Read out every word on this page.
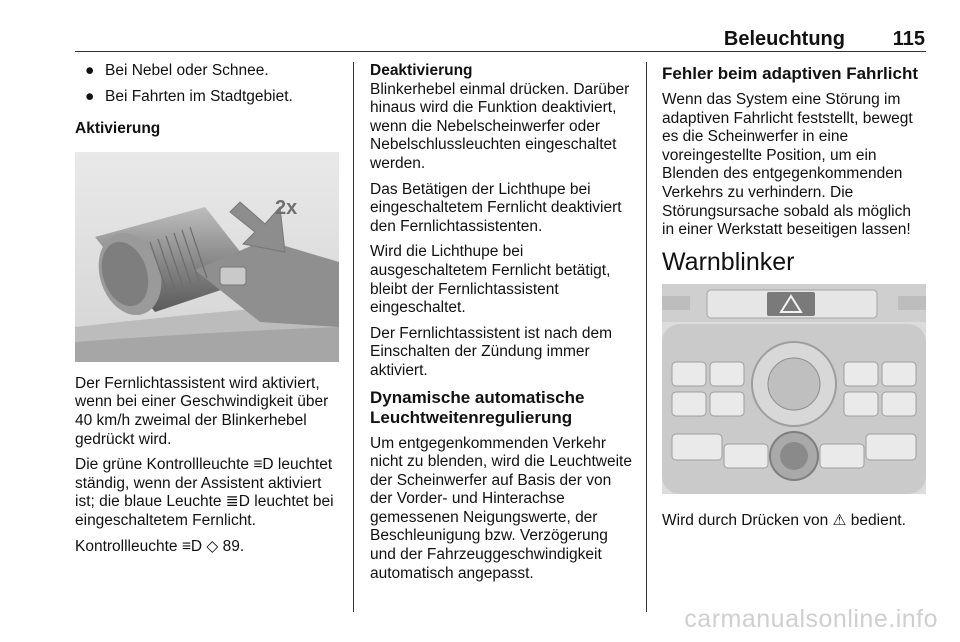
Beleuchtung 115
● Bei Nebel oder Schnee.
● Bei Fahrten im Stadtgebiet.

Aktivierung

2x

Der Fernlichtassistent wird aktiviert, wenn bei einer Geschwindigkeit über 40 km/h zweimal der Blinkerhebel gedrückt wird.

Die grüne Kontrollleuchte ≡D leuchtet ständig, wenn der Assistent aktiviert ist; die blaue Leuchte ≣D leuchtet bei eingeschaltetem Fernlicht.

Kontrollleuchte ≡D ◇ 89.

Deaktivierung

Blinkerhebel einmal drücken. Darüber hinaus wird die Funktion deaktiviert, wenn die Nebelscheinwerfer oder Nebelschlussleuchten eingeschaltet werden.

Das Betätigen der Lichthupe bei eingeschaltetem Fernlicht deaktiviert den Fernlichtassistenten.

Wird die Lichthupe bei ausgeschaltetem Fernlicht betätigt, bleibt der Fernlichtassistent eingeschaltet.

Der Fernlichtassistent ist nach dem Einschalten der Zündung immer aktiviert.

Dynamische automatische Leuchtweitenregulierung

Um entgegenkommenden Verkehr nicht zu blenden, wird die Leuchtweite der Scheinwerfer auf Basis der von der Vorder- und Hinterachse gemessenen Neigungswerte, der Beschleunigung bzw. Verzögerung und der Fahrzeuggeschwindigkeit automatisch angepasst.

Fehler beim adaptiven Fahrlicht

Wenn das System eine Störung im adaptiven Fahrlicht feststellt, bewegt es die Scheinwerfer in eine voreingestellte Position, um ein Blenden des entgegenkommenden Verkehrs zu verhindern. Die Störungsursache sobald als möglich in einer Werkstatt beseitigen lassen!

Warnblinker

Wird durch Drücken von ⚠ bedient.

carmanualsonline.info
